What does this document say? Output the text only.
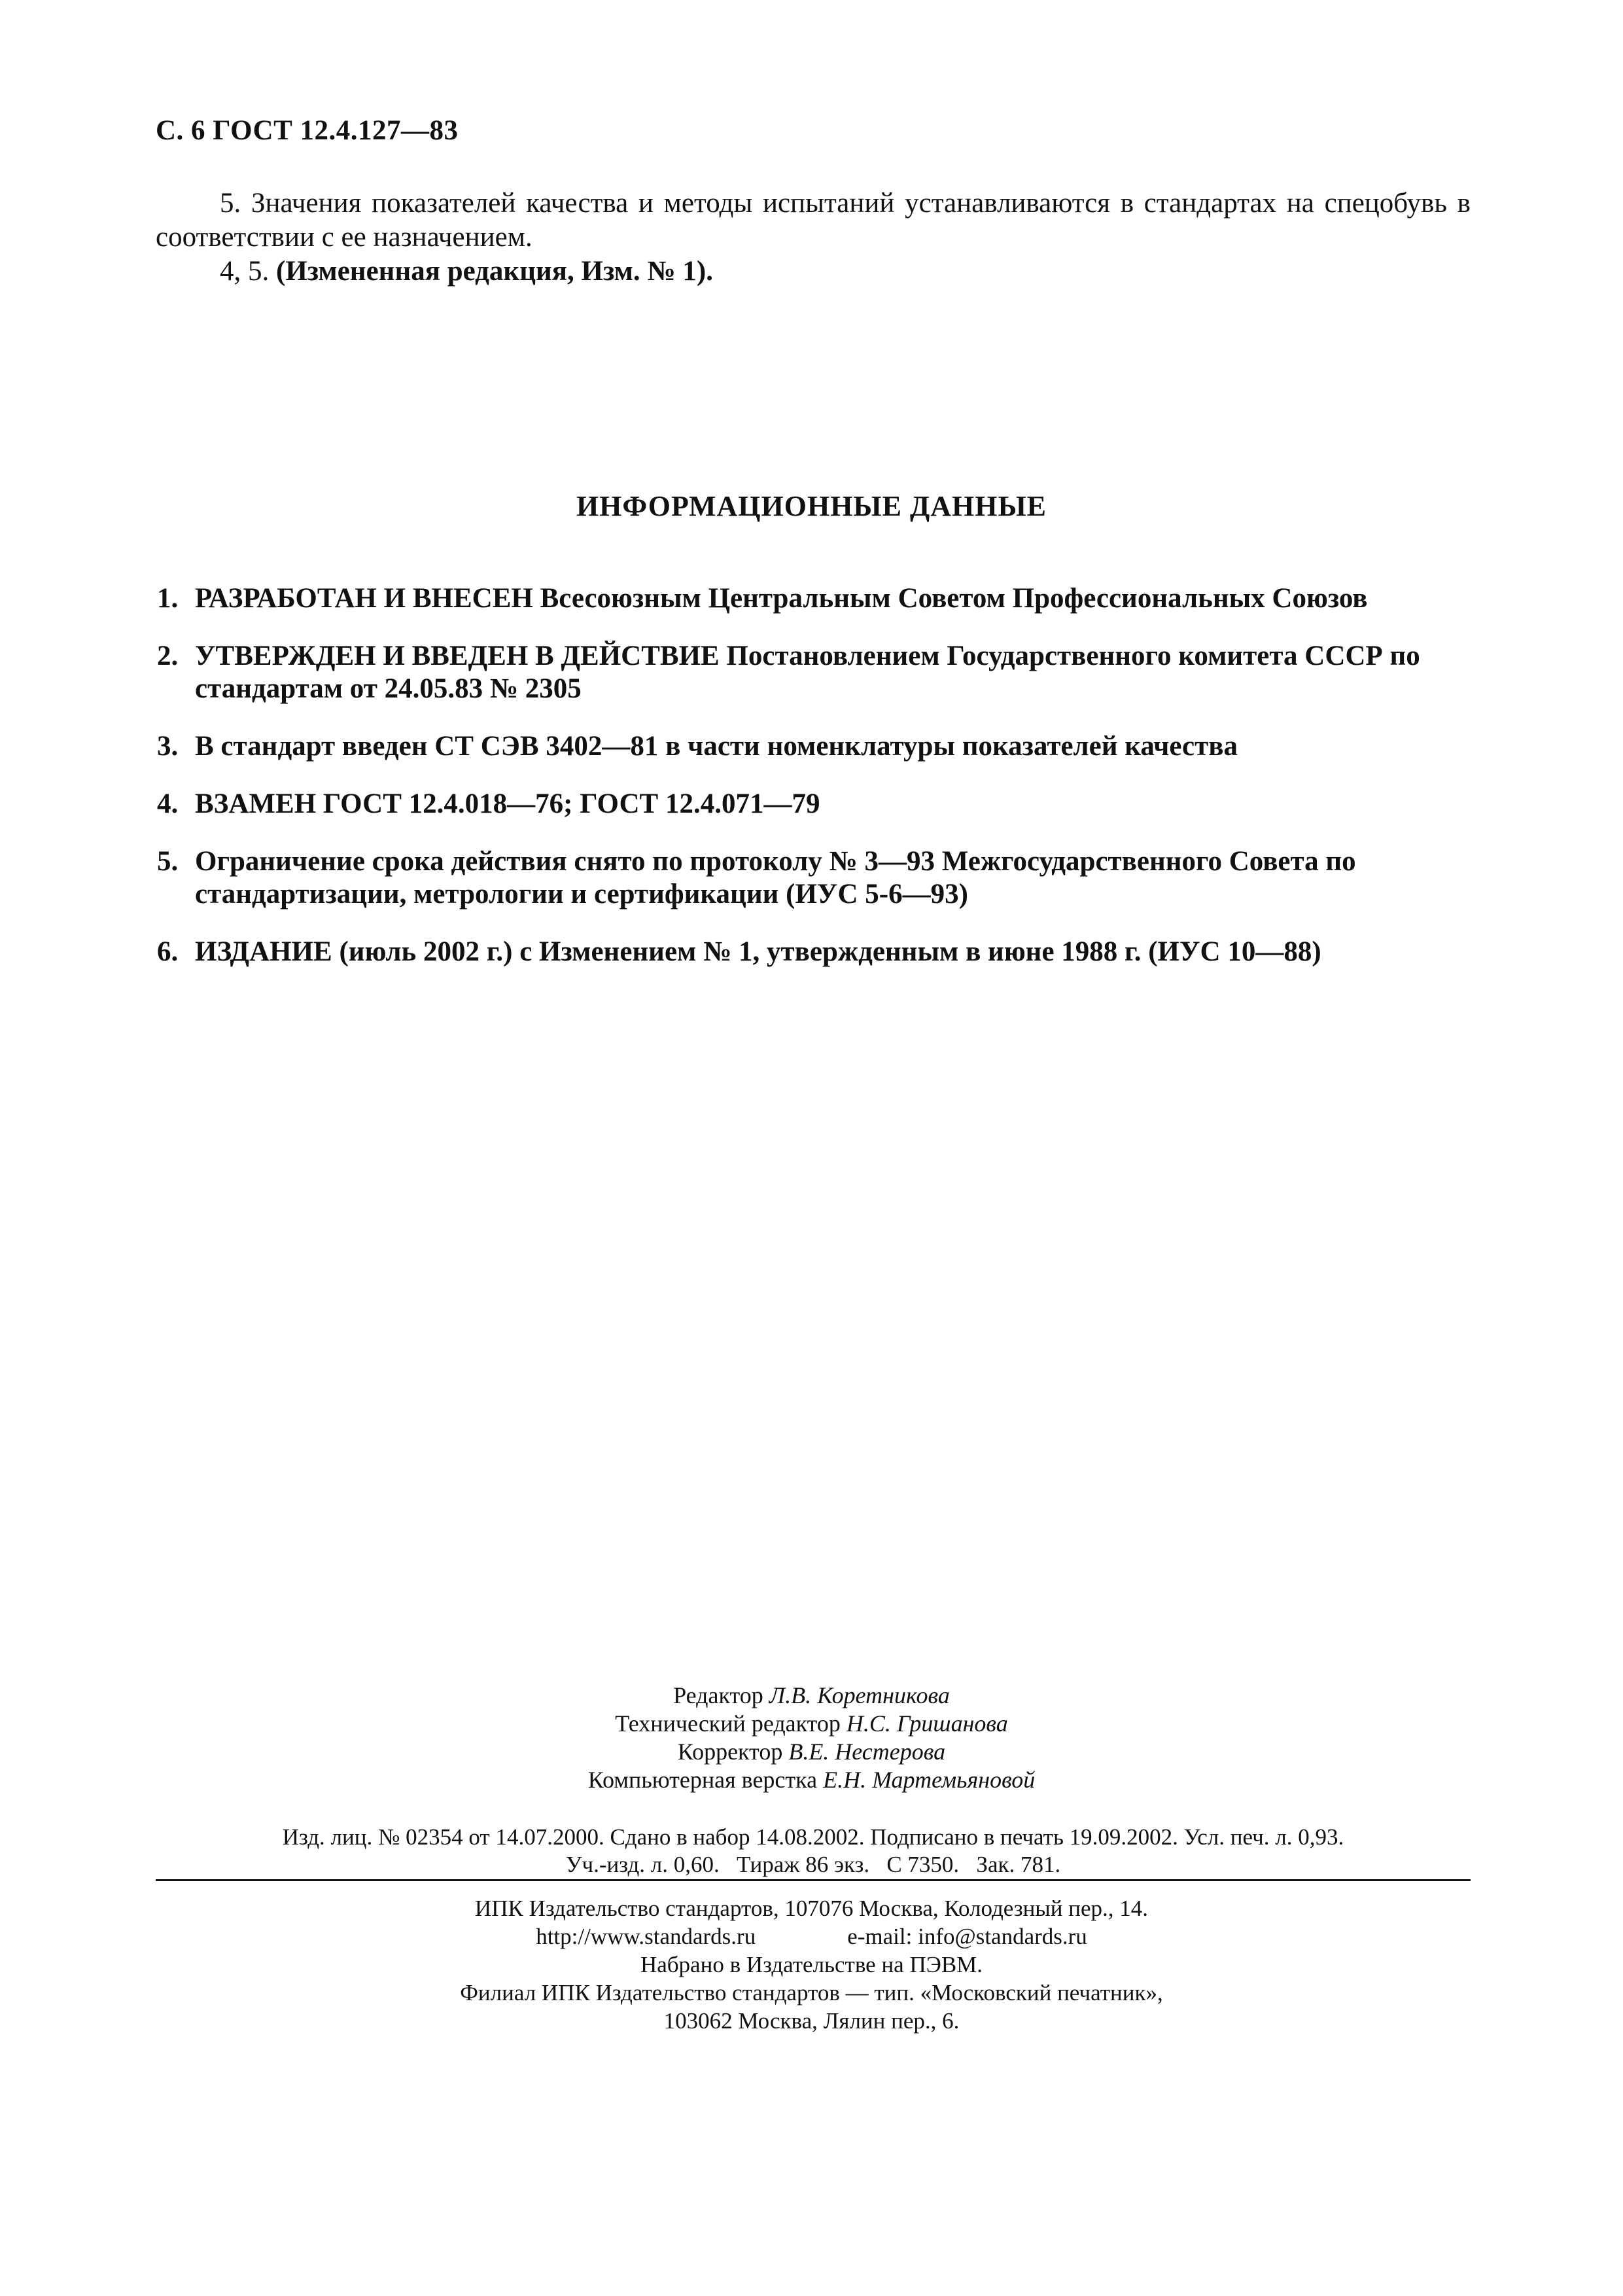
С. 6 ГОСТ 12.4.127—83

5. Значения показателей качества и методы испытаний устанавливаются в стандартах на спецобувь в соответствии с ее назначением.

4, 5. (Измененная редакция, Изм. № 1).

ИНФОРМАЦИОННЫЕ ДАННЫЕ
1. РАЗРАБОТАН И ВНЕСЕН Всесоюзным Центральным Советом Профессиональных Союзов
2. УТВЕРЖДЕН И ВВЕДЕН В ДЕЙСТВИЕ Постановлением Государственного комитета СССР по стандартам от 24.05.83 № 2305
3. В стандарт введен СТ СЭВ 3402—81 в части номенклатуры показателей качества
4. ВЗАМЕН ГОСТ 12.4.018—76; ГОСТ 12.4.071—79
5. Ограничение срока действия снято по протоколу № 3—93 Межгосударственного Совета по стандартизации, метрологии и сертификации (ИУС 5-6—93)
6. ИЗДАНИЕ (июль 2002 г.) с Изменением № 1, утвержденным в июне 1988 г. (ИУС 10—88)
Редактор Л.В. Коретникова
Технический редактор Н.С. Гришанова
Корректор В.Е. Нестерова
Компьютерная верстка Е.Н. Мартемьяновой
Изд. лиц. № 02354 от 14.07.2000. Сдано в набор 14.08.2002. Подписано в печать 19.09.2002. Усл. печ. л. 0,93.
Уч.-изд. л. 0,60.   Тираж 86 экз.   С 7350.   Зак. 781.
ИПК Издательство стандартов, 107076 Москва, Колодезный пер., 14.
http://www.standards.ru	e-mail: info@standards.ru
Набрано в Издательстве на ПЭВМ.
Филиал ИПК Издательство стандартов — тип. «Московский печатник»,
103062 Москва, Лялин пер., 6.
